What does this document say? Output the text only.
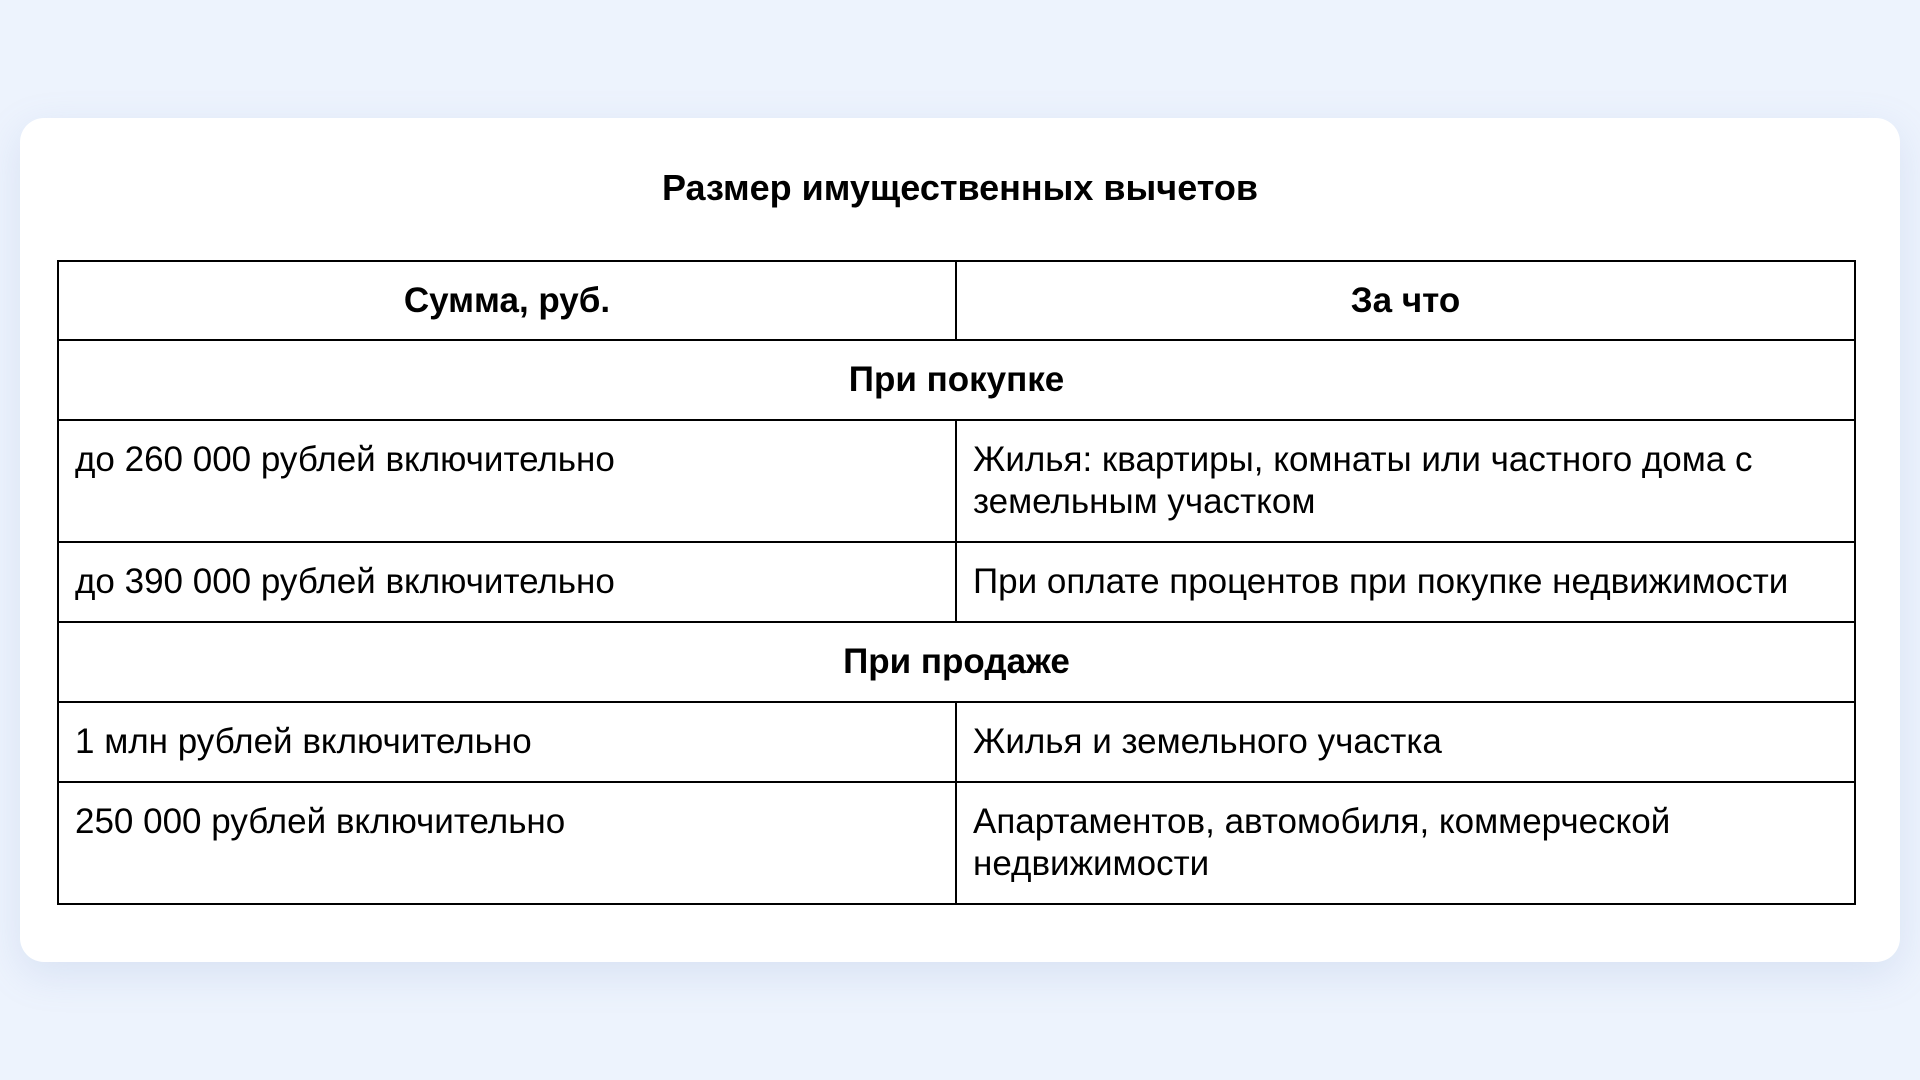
Размер имущественных вычетов
Сумма, руб.	За что
При покупке	
до 260 000 рублей включительно	Жилья: квартиры, комнаты или частного дома с земельным участком
до 390 000 рублей включительно	При оплате процентов при покупке недвижимости
При продаже	
1 млн рублей включительно	Жилья и земельного участка
250 000 рублей включительно	Апартаментов, автомобиля, коммерческой недвижимости
